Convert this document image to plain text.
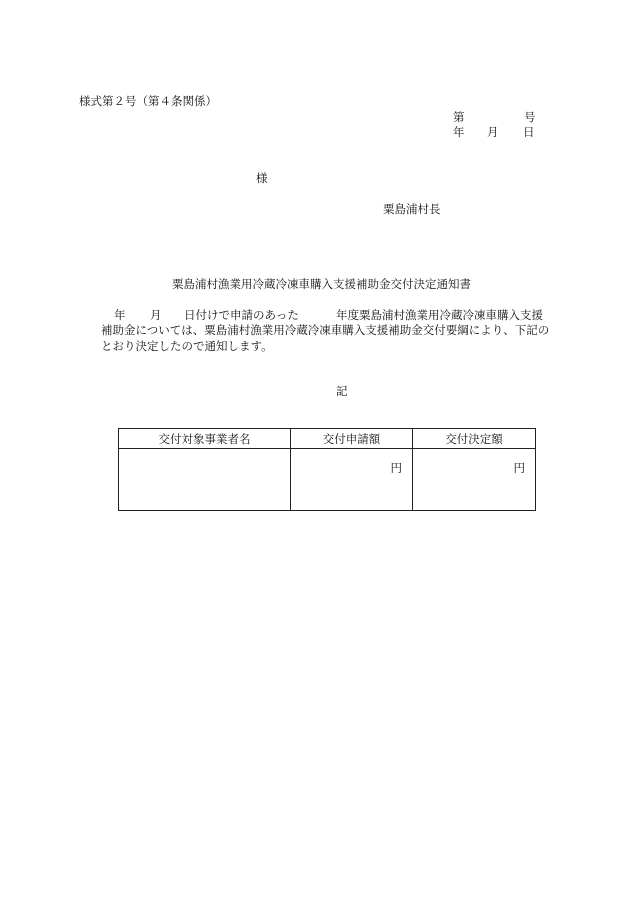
様式第２号（第４条関係）
第	号
年 月 日
様
粟島浦村長
粟島浦村漁業用冷蔵冷凍車購入支援補助金交付決定通知書
年 月 日付けで申請のあった	年度粟島浦村漁業用冷蔵冷凍車購入支援
補助金については、粟島浦村漁業用冷蔵冷凍車購入支援補助金交付要綱により、下記の
とおり決定したので通知します。
記
交付対象事業者名	交付申請額	交付決定額
	円	円
